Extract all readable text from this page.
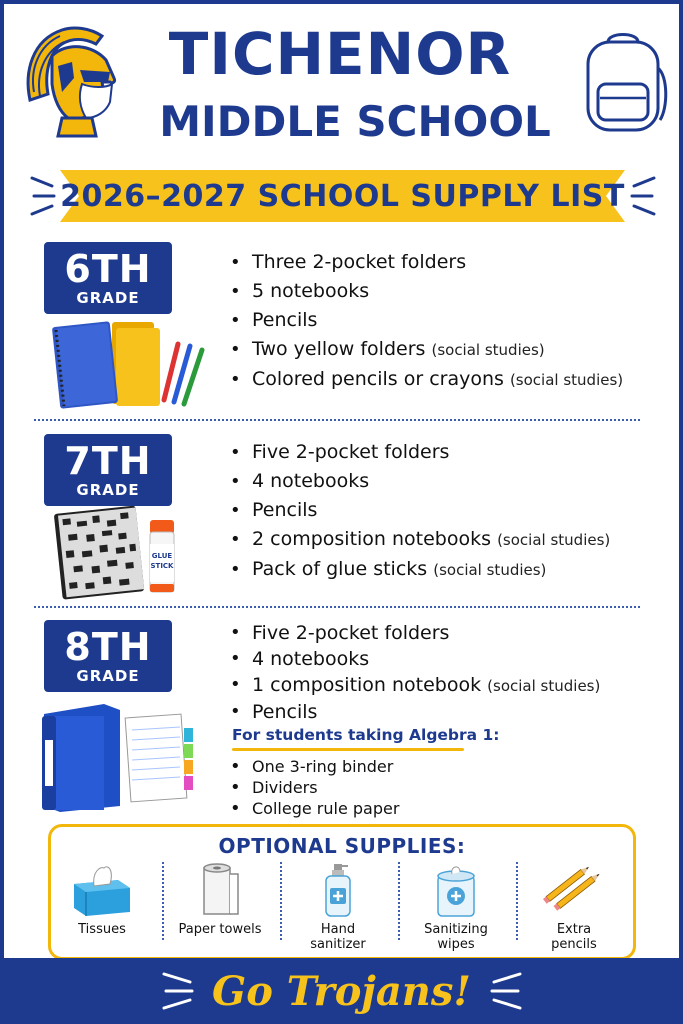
TICHENOR
MIDDLE SCHOOL
2026–2027 SCHOOL SUPPLY LIST
6TH
GRADE
• Three 2-pocket folders
• 5 notebooks
• Pencils
• Two yellow folders (social studies)
• Colored pencils or crayons (social studies)
7TH
GRADE
GLUE
STICK
• Five 2-pocket folders
• 4 notebooks
• Pencils
• 2 composition notebooks (social studies)
• Pack of glue sticks (social studies)
8TH
GRADE
• Five 2-pocket folders
• 4 notebooks
• 1 composition notebook (social studies)
• Pencils
For students taking Algebra 1:
• One 3-ring binder
• Dividers
• College rule paper
OPTIONAL SUPPLIES:
Tissues	Paper towels	Hand
sanitizer
Sanitizing
wipes
Extra
pencils
Go Trojans!
